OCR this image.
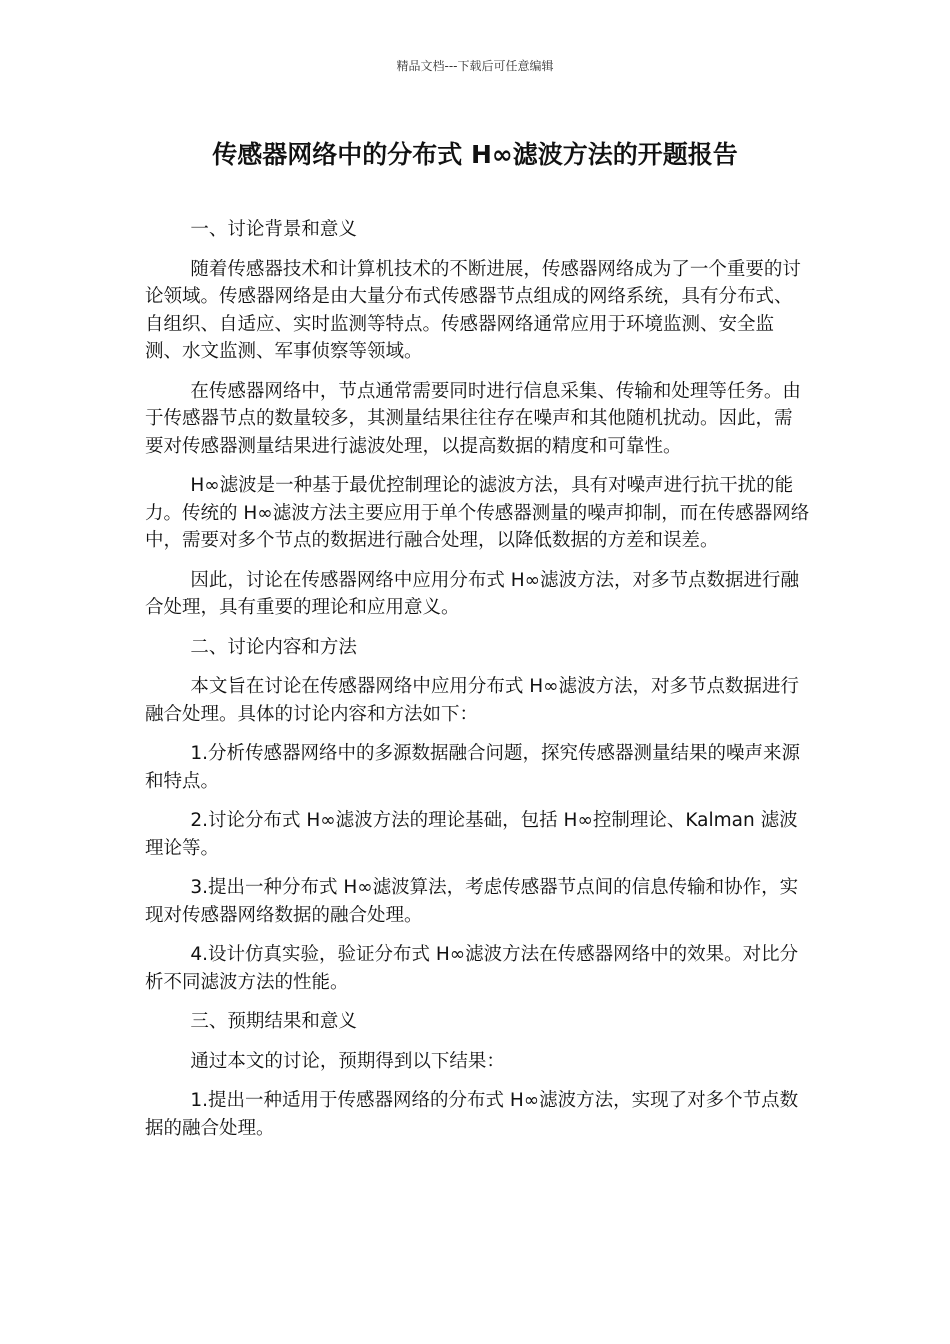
精品文档---下载后可任意编辑
传感器网络中的分布式 H∞滤波方法的开题报告

一、讨论背景和意义

随着传感器技术和计算机技术的不断进展，传感器网络成为了一个重要的讨论领域。传感器网络是由大量分布式传感器节点组成的网络系统，具有分布式、自组织、自适应、实时监测等特点。传感器网络通常应用于环境监测、安全监测、水文监测、军事侦察等领域。

在传感器网络中，节点通常需要同时进行信息采集、传输和处理等任务。由于传感器节点的数量较多，其测量结果往往存在噪声和其他随机扰动。因此，需要对传感器测量结果进行滤波处理，以提高数据的精度和可靠性。

H∞滤波是一种基于最优控制理论的滤波方法，具有对噪声进行抗干扰的能力。传统的 H∞滤波方法主要应用于单个传感器测量的噪声抑制，而在传感器网络中，需要对多个节点的数据进行融合处理，以降低数据的方差和误差。

因此，讨论在传感器网络中应用分布式 H∞滤波方法，对多节点数据进行融合处理，具有重要的理论和应用意义。

二、讨论内容和方法

本文旨在讨论在传感器网络中应用分布式 H∞滤波方法，对多节点数据进行融合处理。具体的讨论内容和方法如下：

1.分析传感器网络中的多源数据融合问题，探究传感器测量结果的噪声来源和特点。

2.讨论分布式 H∞滤波方法的理论基础，包括 H∞控制理论、Kalman 滤波理论等。

3.提出一种分布式 H∞滤波算法，考虑传感器节点间的信息传输和协作，实现对传感器网络数据的融合处理。

4.设计仿真实验，验证分布式 H∞滤波方法在传感器网络中的效果。对比分析不同滤波方法的性能。

三、预期结果和意义

通过本文的讨论，预期得到以下结果：

1.提出一种适用于传感器网络的分布式 H∞滤波方法，实现了对多个节点数据的融合处理。
